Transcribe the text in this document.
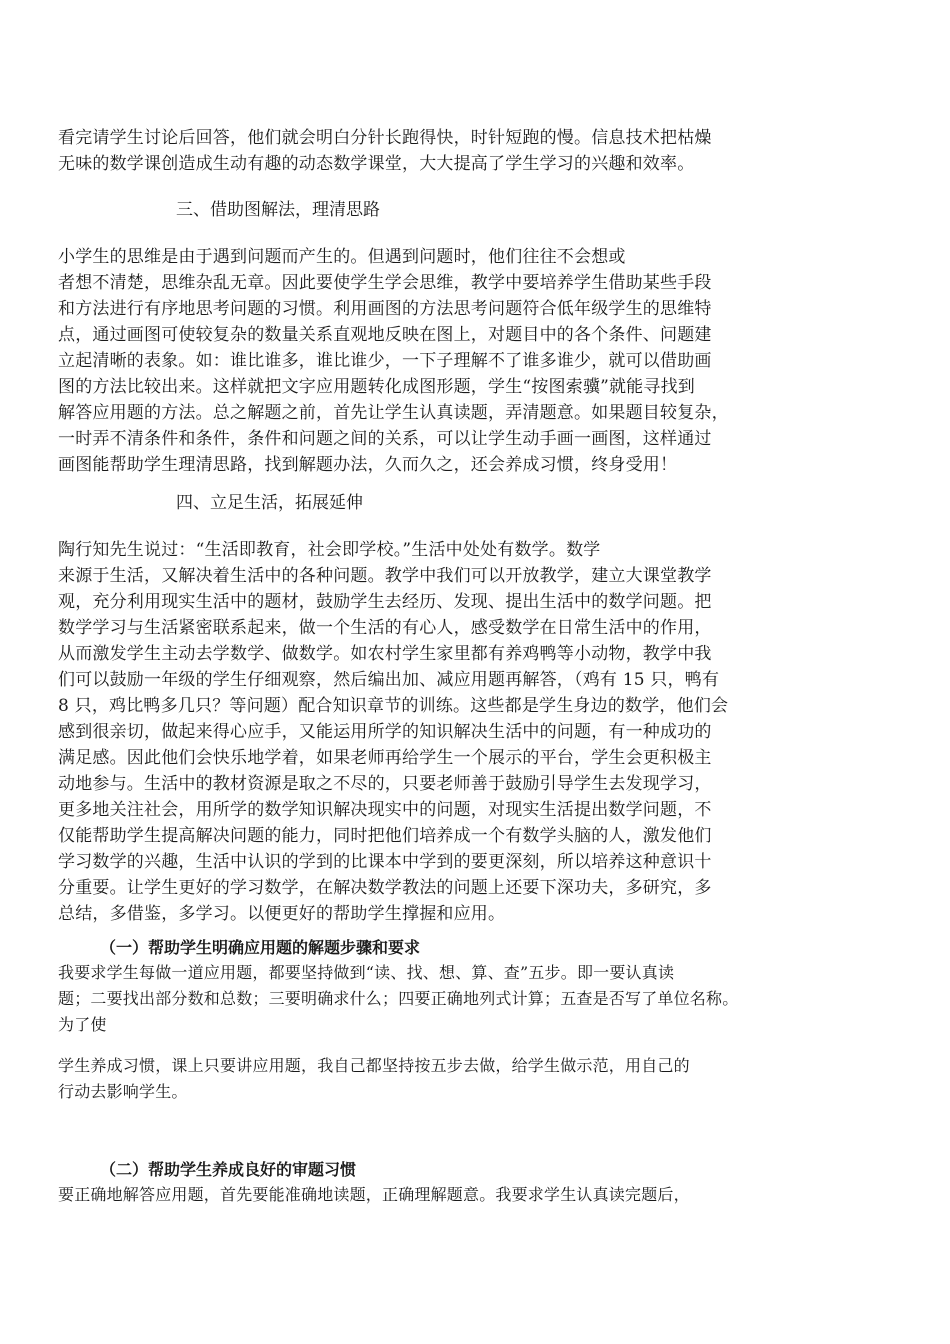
看完请学生讨论后回答，他们就会明白分针长跑得快，时针短跑的慢。信息技术把枯燥
无味的数学课创造成生动有趣的动态数学课堂，大大提高了学生学习的兴趣和效率。

三、借助图解法，理清思路

小学生的思维是由于遇到问题而产生的。但遇到问题时，他们往往不会想或
者想不清楚，思维杂乱无章。因此要使学生学会思维，教学中要培养学生借助某些手段
和方法进行有序地思考问题的习惯。利用画图的方法思考问题符合低年级学生的思维特
点，通过画图可使较复杂的数量关系直观地反映在图上，对题目中的各个条件、问题建
立起清晰的表象。如：谁比谁多，谁比谁少，一下子理解不了谁多谁少，就可以借助画
图的方法比较出来。这样就把文字应用题转化成图形题，学生“按图索骥”就能寻找到
解答应用题的方法。总之解题之前，首先让学生认真读题，弄清题意。如果题目较复杂，
一时弄不清条件和条件，条件和问题之间的关系，可以让学生动手画一画图，这样通过
画图能帮助学生理清思路，找到解题办法，久而久之，还会养成习惯，终身受用！

四、立足生活，拓展延伸

陶行知先生说过：“生活即教育，社会即学校。”生活中处处有数学。数学
来源于生活，又解决着生活中的各种问题。教学中我们可以开放教学，建立大课堂教学
观，充分利用现实生活中的题材，鼓励学生去经历、发现、提出生活中的数学问题。把
数学学习与生活紧密联系起来，做一个生活的有心人，感受数学在日常生活中的作用，
从而激发学生主动去学数学、做数学。如农村学生家里都有养鸡鸭等小动物，教学中我
们可以鼓励一年级的学生仔细观察，然后编出加、减应用题再解答，（鸡有 15 只，鸭有
8 只，鸡比鸭多几只？等问题）配合知识章节的训练。这些都是学生身边的数学，他们会
感到很亲切，做起来得心应手，又能运用所学的知识解决生活中的问题，有一种成功的
满足感。因此他们会快乐地学着，如果老师再给学生一个展示的平台，学生会更积极主
动地参与。生活中的教材资源是取之不尽的，只要老师善于鼓励引导学生去发现学习，
更多地关注社会，用所学的数学知识解决现实中的问题，对现实生活提出数学问题，不
仅能帮助学生提高解决问题的能力，同时把他们培养成一个有数学头脑的人，激发他们
学习数学的兴趣，生活中认识的学到的比课本中学到的要更深刻，所以培养这种意识十
分重要。让学生更好的学习数学，在解决数学教法的问题上还要下深功夫，多研究，多
总结，多借鉴，多学习。以便更好的帮助学生撑握和应用。

（一）帮助学生明确应用题的解题步骤和要求

我要求学生每做一道应用题，都要坚持做到“读、找、想、算、查”五步。即一要认真读
题；二要找出部分数和总数；三要明确求什么；四要正确地列式计算；五查是否写了单位名称。
为了使

学生养成习惯，课上只要讲应用题，我自己都坚持按五步去做，给学生做示范，用自己的
行动去影响学生。

（二）帮助学生养成良好的审题习惯

要正确地解答应用题，首先要能准确地读题，正确理解题意。我要求学生认真读完题后，
